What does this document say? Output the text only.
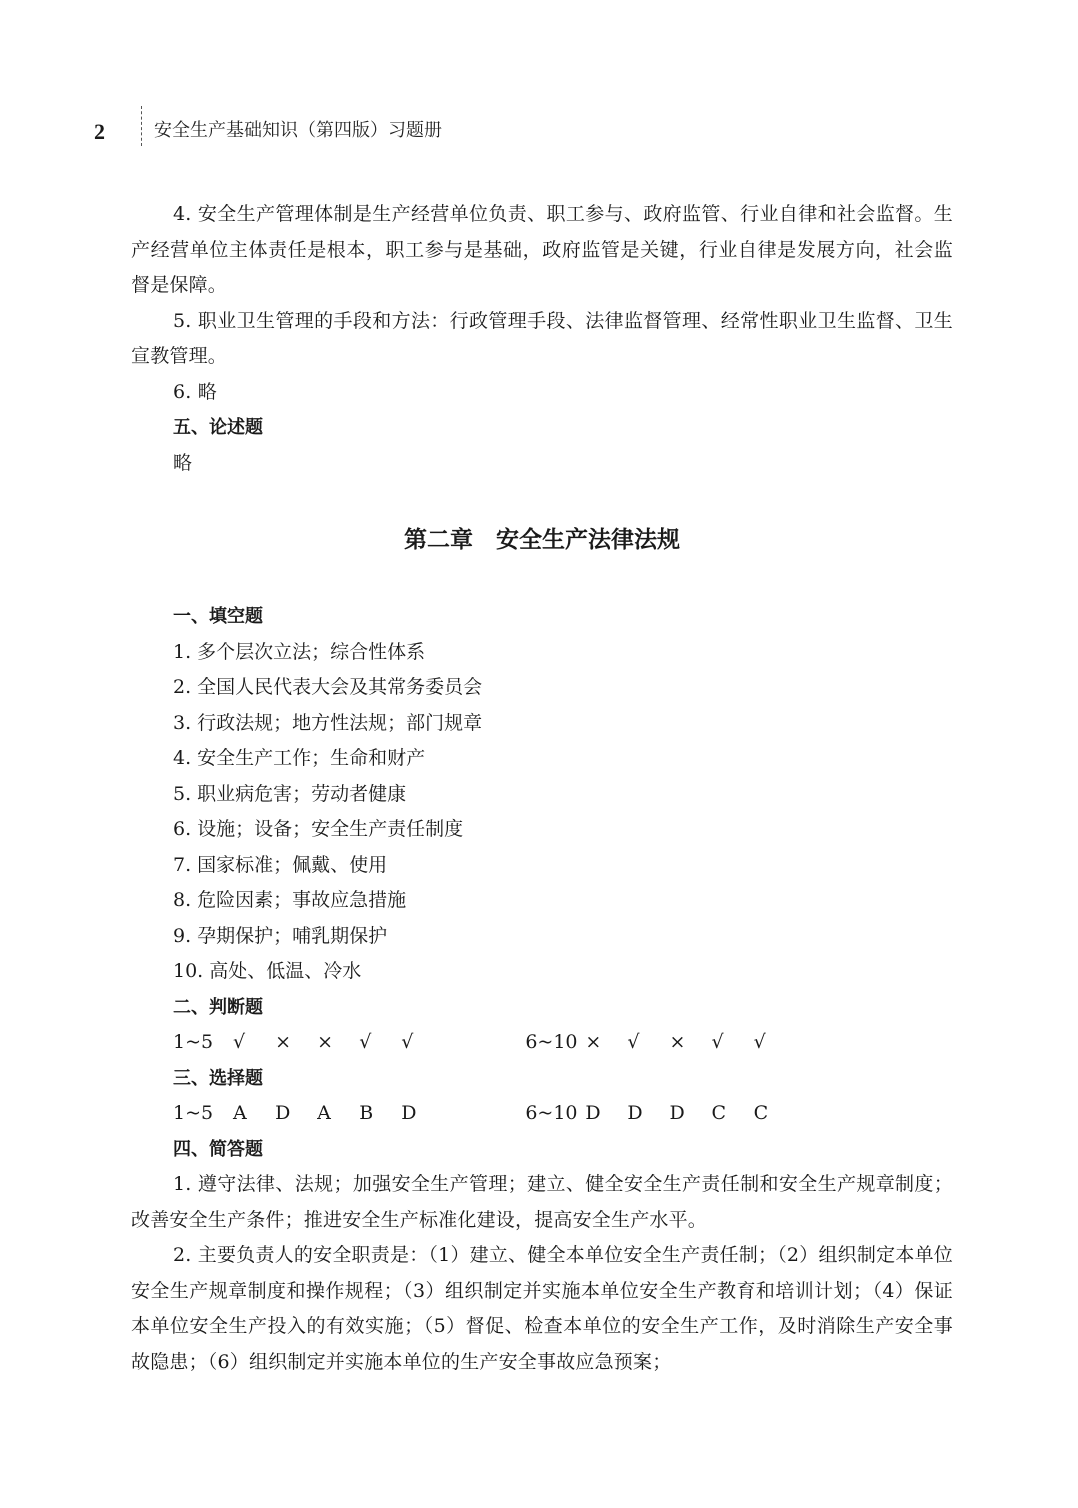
2	安全生产基础知识（第四版）习题册

4. 安全生产管理体制是生产经营单位负责、职工参与、政府监管、行业自律和社会监督。生产经营单位主体责任是根本，职工参与是基础，政府监管是关键，行业自律是发展方向，社会监督是保障。

5. 职业卫生管理的手段和方法：行政管理手段、法律监督管理、经常性职业卫生监督、卫生宣教管理。

6. 略

五、论述题
略
第二章　安全生产法律法规
一、填空题
1. 多个层次立法；综合性体系
2. 全国人民代表大会及其常务委员会
3. 行政法规；地方性法规；部门规章
4. 安全生产工作；生命和财产
5. 职业病危害；劳动者健康
6. 设施；设备；安全生产责任制度
7. 国家标准；佩戴、使用
8. 危险因素；事故应急措施
9. 孕期保护；哺乳期保护
10. 高处、低温、冷水
二、判断题
1~5 √ × × √ √	6~10 × √ × √ √
三、选择题
1~5 A D A B D	6~10 D D D C C
四、简答题

1. 遵守法律、法规；加强安全生产管理；建立、健全安全生产责任制和安全生产规章制度；改善安全生产条件；推进安全生产标准化建设，提高安全生产水平。

2. 主要负责人的安全职责是：（1）建立、健全本单位安全生产责任制；（2）组织制定本单位安全生产规章制度和操作规程；（3）组织制定并实施本单位安全生产教育和培训计划；（4）保证本单位安全生产投入的有效实施；（5）督促、检查本单位的安全生产工作，及时消除生产安全事故隐患；（6）组织制定并实施本单位的生产安全事故应急预案；
